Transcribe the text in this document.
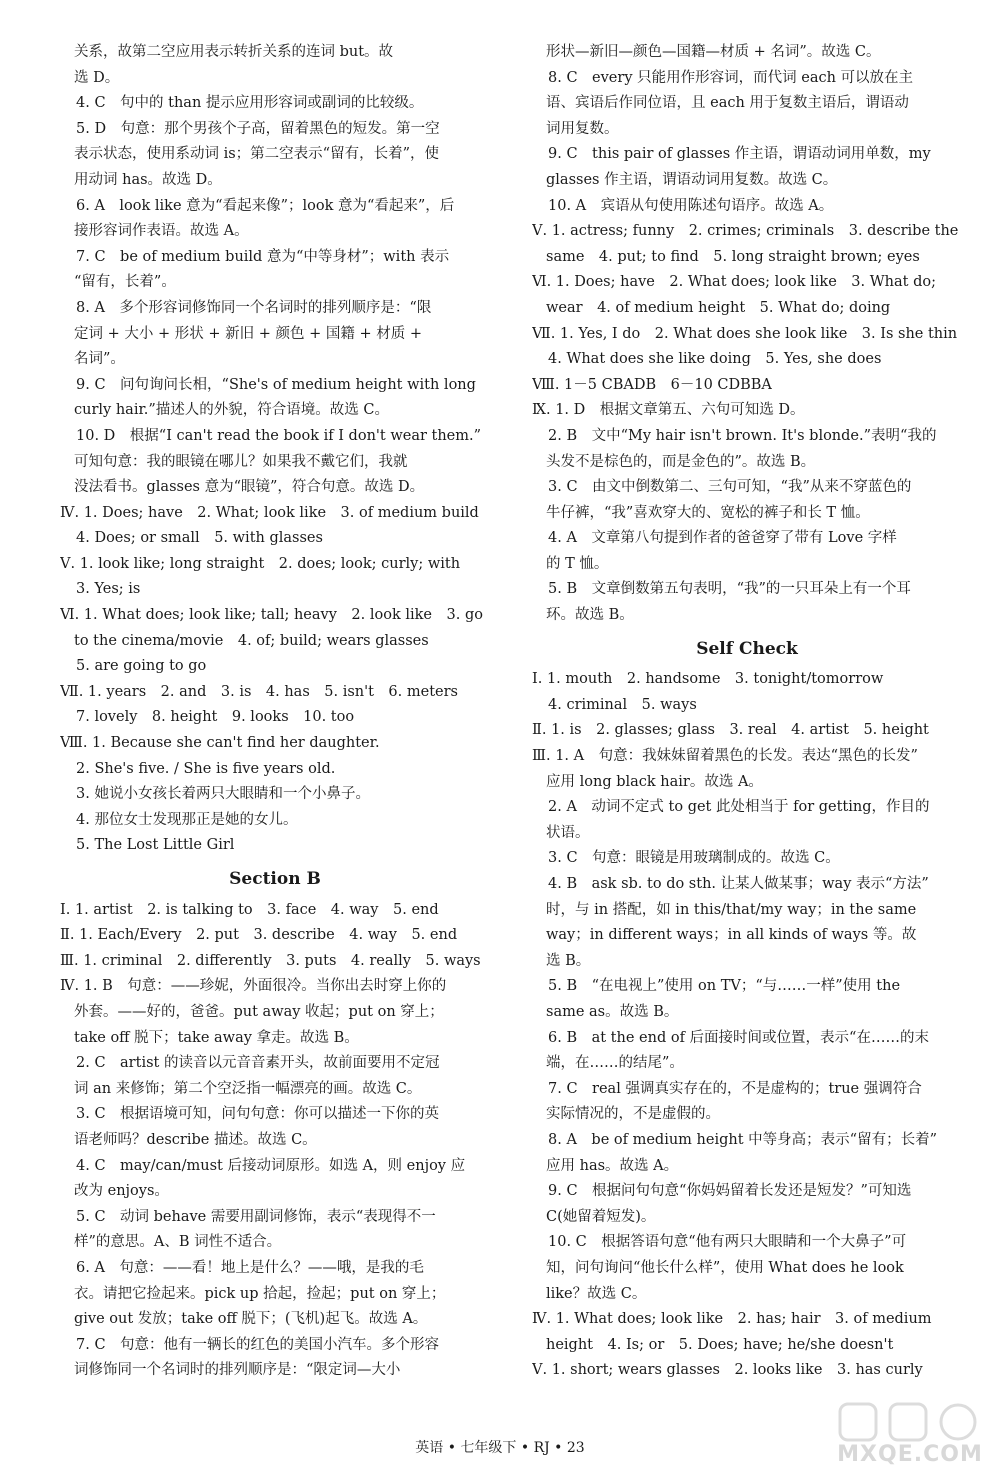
关系，故第二空应用表示转折关系的连词 but。故
选 D。
4. C　句中的 than 提示应用形容词或副词的比较级。
5. D　句意：那个男孩个子高，留着黑色的短发。第一空
表示状态，使用系动词 is；第二空表示“留有，长着”，使
用动词 has。故选 D。
6. A　look like 意为“看起来像”；look 意为“看起来”，后
接形容词作表语。故选 A。
7. C　be of medium build 意为“中等身材”；with 表示
“留有，长着”。
8. A　多个形容词修饰同一个名词时的排列顺序是：“限
定词 + 大小 + 形状 + 新旧 + 颜色 + 国籍 + 材质 +
名词”。
9. C　问句询问长相，“She's of medium height with long
curly hair.”描述人的外貌，符合语境。故选 C。
10. D　根据“I can't read the book if I don't wear them.”
可知句意：我的眼镜在哪儿？如果我不戴它们，我就
没法看书。glasses 意为“眼镜”，符合句意。故选 D。
Ⅳ. 1. Does; have　2. What; look like　3. of medium build
4. Does; or small　5. with glasses
Ⅴ. 1. look like; long straight　2. does; look; curly; with
3. Yes; is
Ⅵ. 1. What does; look like; tall; heavy　2. look like　3. go
to the cinema/movie　4. of; build; wears glasses
5. are going to go
Ⅶ. 1. years　2. and　3. is　4. has　5. isn't　6. meters
7. lovely　8. height　9. looks　10. too
Ⅷ. 1. Because she can't find her daughter.
2. She's five. / She is five years old.
3. 她说小女孩长着两只大眼睛和一个小鼻子。
4. 那位女士发现那正是她的女儿。
5. The Lost Little Girl
Section B
Ⅰ. 1. artist　2. is talking to　3. face　4. way　5. end
Ⅱ. 1. Each/Every　2. put　3. describe　4. way　5. end
Ⅲ. 1. criminal　2. differently　3. puts　4. really　5. ways
Ⅳ. 1. B　句意：——珍妮，外面很冷。当你出去时穿上你的
外套。——好的，爸爸。put away 收起；put on 穿上；
take off 脱下；take away 拿走。故选 B。
2. C　artist 的读音以元音音素开头，故前面要用不定冠
词 an 来修饰；第二个空泛指一幅漂亮的画。故选 C。
3. C　根据语境可知，问句句意：你可以描述一下你的英
语老师吗？describe 描述。故选 C。
4. C　may/can/must 后接动词原形。如选 A，则 enjoy 应
改为 enjoys。
5. C　动词 behave 需要用副词修饰，表示“表现得不一
样”的意思。A、B 词性不适合。
6. A　句意：——看！地上是什么？——哦，是我的毛
衣。请把它捡起来。pick up 拾起，捡起；put on 穿上；
give out 发放；take off 脱下；(飞机)起飞。故选 A。
7. C　句意：他有一辆长的红色的美国小汽车。多个形容
词修饰同一个名词时的排列顺序是：“限定词—大小
形状—新旧—颜色—国籍—材质 + 名词”。故选 C。
8. C　every 只能用作形容词，而代词 each 可以放在主
语、宾语后作同位语，且 each 用于复数主语后，谓语动
词用复数。
9. C　this pair of glasses 作主语，谓语动词用单数，my
glasses 作主语，谓语动词用复数。故选 C。
10. A　宾语从句使用陈述句语序。故选 A。
Ⅴ. 1. actress; funny　2. crimes; criminals　3. describe the
same　4. put; to find　5. long straight brown; eyes
Ⅵ. 1. Does; have　2. What does; look like　3. What do;
wear　4. of medium height　5. What do; doing
Ⅶ. 1. Yes, I do　2. What does she look like　3. Is she thin
4. What does she like doing　5. Yes, she does
Ⅷ. 1－5 CBADB　6－10 CDBBA
Ⅸ. 1. D　根据文章第五、六句可知选 D。
2. B　文中“My hair isn't brown. It's blonde.”表明“我的
头发不是棕色的，而是金色的”。故选 B。
3. C　由文中倒数第二、三句可知，“我”从来不穿蓝色的
牛仔裤，“我”喜欢穿大的、宽松的裤子和长 T 恤。
4. A　文章第八句提到作者的爸爸穿了带有 Love 字样
的 T 恤。
5. B　文章倒数第五句表明，“我”的一只耳朵上有一个耳
环。故选 B。
Self Check
Ⅰ. 1. mouth　2. handsome　3. tonight/tomorrow
4. criminal　5. ways
Ⅱ. 1. is　2. glasses; glass　3. real　4. artist　5. height
Ⅲ. 1. A　句意：我妹妹留着黑色的长发。表达“黑色的长发”
应用 long black hair。故选 A。
2. A　动词不定式 to get 此处相当于 for getting，作目的
状语。
3. C　句意：眼镜是用玻璃制成的。故选 C。
4. B　ask sb. to do sth. 让某人做某事；way 表示“方法”
时，与 in 搭配，如 in this/that/my way；in the same
way；in different ways；in all kinds of ways 等。故
选 B。
5. B　“在电视上”使用 on TV；“与……一样”使用 the
same as。故选 B。
6. B　at the end of 后面接时间或位置，表示“在……的末
端，在……的结尾”。
7. C　real 强调真实存在的，不是虚构的；true 强调符合
实际情况的，不是虚假的。
8. A　be of medium height 中等身高；表示“留有；长着”
应用 has。故选 A。
9. C　根据问句句意“你妈妈留着长发还是短发？”可知选
C(她留着短发)。
10. C　根据答语句意“他有两只大眼睛和一个大鼻子”可
知，问句询问“他长什么样”，使用 What does he look
like？故选 C。
Ⅳ. 1. What does; look like　2. has; hair　3. of medium
height　4. Is; or　5. Does; have; he/she doesn't
Ⅴ. 1. short; wears glasses　2. looks like　3. has curly
英语 • 七年级下 • RJ • 23	MXQE.COM
